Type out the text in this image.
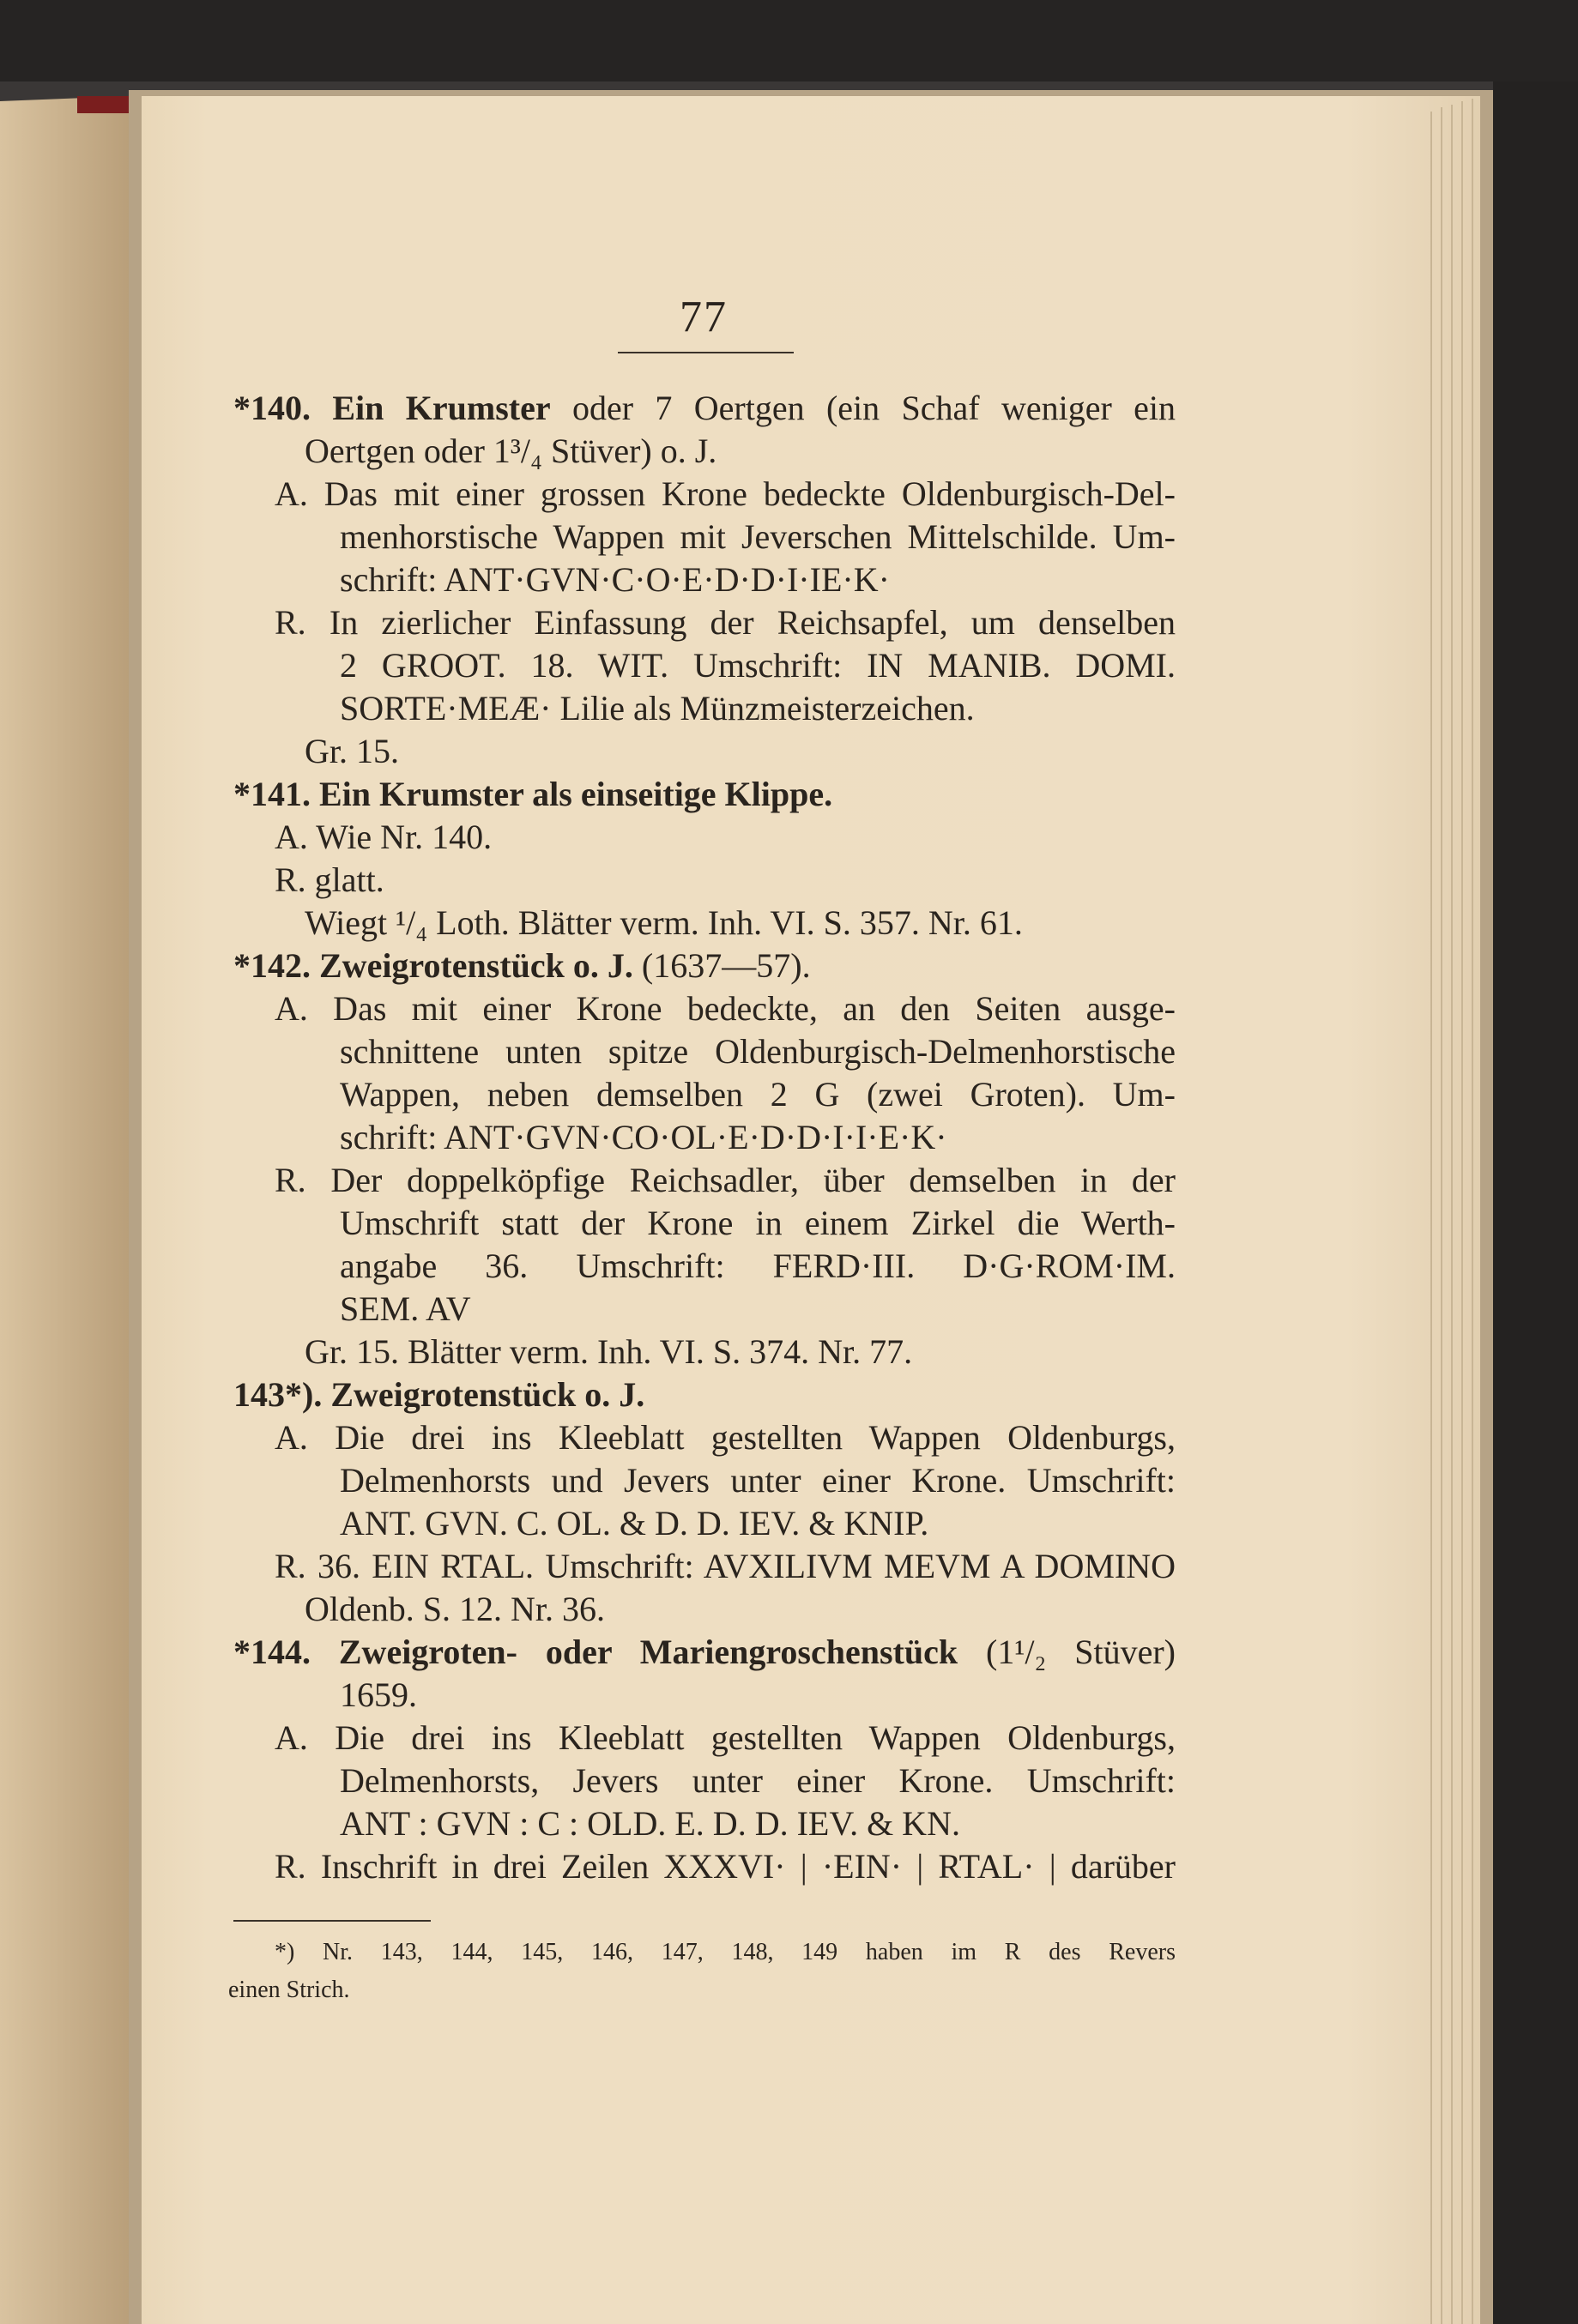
77
*140. Ein Krumster oder 7 Oertgen (ein Schaf weniger ein
Oertgen oder 1³/₄ Stüver) o. J.
A. Das mit einer grossen Krone bedeckte Oldenburgisch-Del-
menhorstische Wappen mit Jeverschen Mittelschilde. Um-
schrift: ANT·GVN·C·O·E·D·D·I·IE·K·
R. In zierlicher Einfassung der Reichsapfel, um denselben
2 GROOT. 18. WIT. Umschrift: IN MANIB. DOMI.
SORTE·MEÆ· Lilie als Münzmeisterzeichen.
Gr. 15.
*141. Ein Krumster als einseitige Klippe.
A. Wie Nr. 140.
R. glatt.
Wiegt ¹/₄ Loth. Blätter verm. Inh. VI. S. 357. Nr. 61.
*142. Zweigrotenstück o. J. (1637—57).
A. Das mit einer Krone bedeckte, an den Seiten ausge-
schnittene unten spitze Oldenburgisch-Delmenhorstische
Wappen, neben demselben 2 G (zwei Groten). Um-
schrift: ANT·GVN·CO·OL·E·D·D·I·I·E·K·
R. Der doppelköpfige Reichsadler, über demselben in der
Umschrift statt der Krone in einem Zirkel die Werth-
angabe 36. Umschrift: FERD·III. D·G·ROM·IM.
SEM. AV
Gr. 15. Blätter verm. Inh. VI. S. 374. Nr. 77.
143*). Zweigrotenstück o. J.
A. Die drei ins Kleeblatt gestellten Wappen Oldenburgs,
Delmenhorsts und Jevers unter einer Krone. Umschrift:
ANT. GVN. C. OL. & D. D. IEV. & KNIP.
R. 36. EIN RTAL. Umschrift: AVXILIVM MEVM A DOMINO
Oldenb. S. 12. Nr. 36.
*144. Zweigroten- oder Mariengroschenstück (1¹/₂ Stüver)
1659.
A. Die drei ins Kleeblatt gestellten Wappen Oldenburgs,
Delmenhorsts, Jevers unter einer Krone. Umschrift:
ANT : GVN : C : OLD. E. D. D. IEV. & KN.
R. Inschrift in drei Zeilen XXXVI· | ·EIN· | RTAL· | darüber
*) Nr. 143, 144, 145, 146, 147, 148, 149 haben im R des Revers
einen Strich.
